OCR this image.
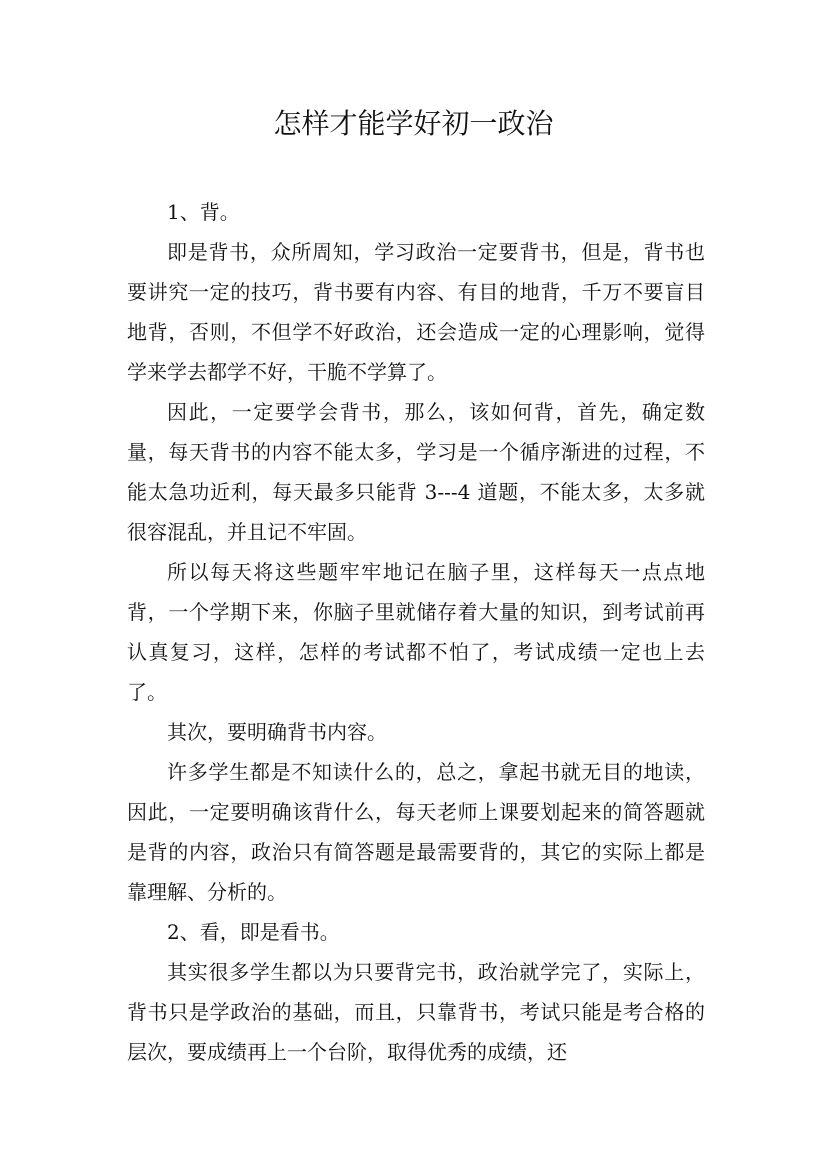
怎样才能学好初一政治

1、背。

即是背书，众所周知，学习政治一定要背书，但是，背书也要讲究一定的技巧，背书要有内容、有目的地背，千万不要盲目地背，否则，不但学不好政治，还会造成一定的心理影响，觉得学来学去都学不好，干脆不学算了。

因此，一定要学会背书，那么，该如何背，首先，确定数量，每天背书的内容不能太多，学习是一个循序渐进的过程，不能太急功近利，每天最多只能背 3---4 道题，不能太多，太多就很容混乱，并且记不牢固。

所以每天将这些题牢牢地记在脑子里，这样每天一点点地背，一个学期下来，你脑子里就储存着大量的知识，到考试前再认真复习，这样，怎样的考试都不怕了，考试成绩一定也上去了。

其次，要明确背书内容。

许多学生都是不知读什么的，总之，拿起书就无目的地读，因此，一定要明确该背什么，每天老师上课要划起来的简答题就是背的内容，政治只有简答题是最需要背的，其它的实际上都是靠理解、分析的。

2、看，即是看书。

其实很多学生都以为只要背完书，政治就学完了，实际上，背书只是学政治的基础，而且，只靠背书，考试只能是考合格的层次，要成绩再上一个台阶，取得优秀的成绩，还
